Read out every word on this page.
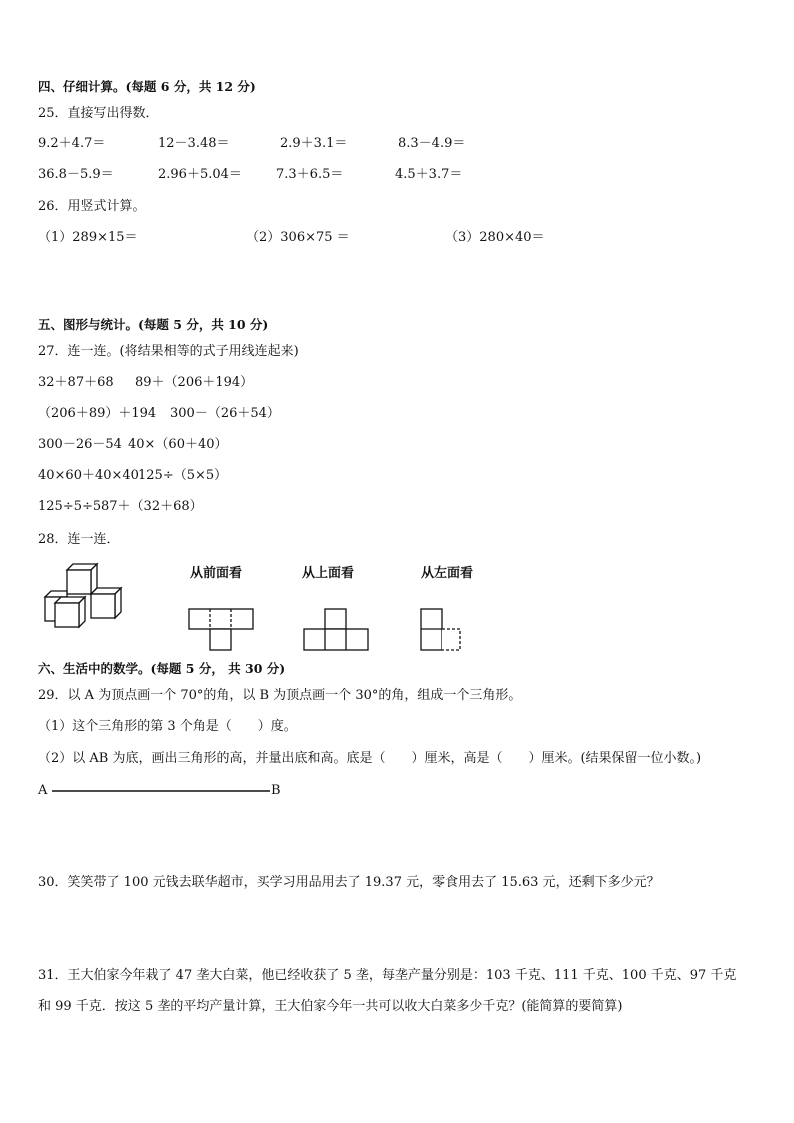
四、仔细计算。(每题 6 分，共 12 分)
25．直接写出得数．
9.2＋4.7＝	12－3.48＝	2.9＋3.1＝	8.3－4.9＝
36.8－5.9＝	2.96＋5.04＝	7.3＋6.5＝	4.5＋3.7＝
26．用竖式计算。
（1）289×15＝	（2）306×75 ＝	（3）280×40＝
五、图形与统计。(每题 5 分，共 10 分)
27．连一连。(将结果相等的式子用线连起来)
32＋87＋68 89＋（206＋194）
（206＋89）＋194 300－（26＋54）
300－26－54 40×（60＋40）
40×60＋40×40 125÷（5×5）
125÷5÷5 87＋（32＋68）
28．连一连．
从前面看	从上面看	从左面看
六、生活中的数学。(每题 5 分， 共 30 分)
29．以 A 为顶点画一个 70°的角，以 B 为顶点画一个 30°的角，组成一个三角形。
（1）这个三角形的第 3 个角是（　　）度。
（2）以 AB 为底，画出三角形的高，并量出底和高。底是（　　）厘米，高是（　　）厘米。(结果保留一位小数。)
A	B
30．笑笑带了 100 元钱去联华超市，买学习用品用去了 19.37 元，零食用去了 15.63 元，还剩下多少元？
31．王大伯家今年栽了 47 垄大白菜，他已经收获了 5 垄，每垄产量分别是：103 千克、111 千克、100 千克、97 千克
和 99 千克．按这 5 垄的平均产量计算，王大伯家今年一共可以收大白菜多少千克？(能简算的要简算)
